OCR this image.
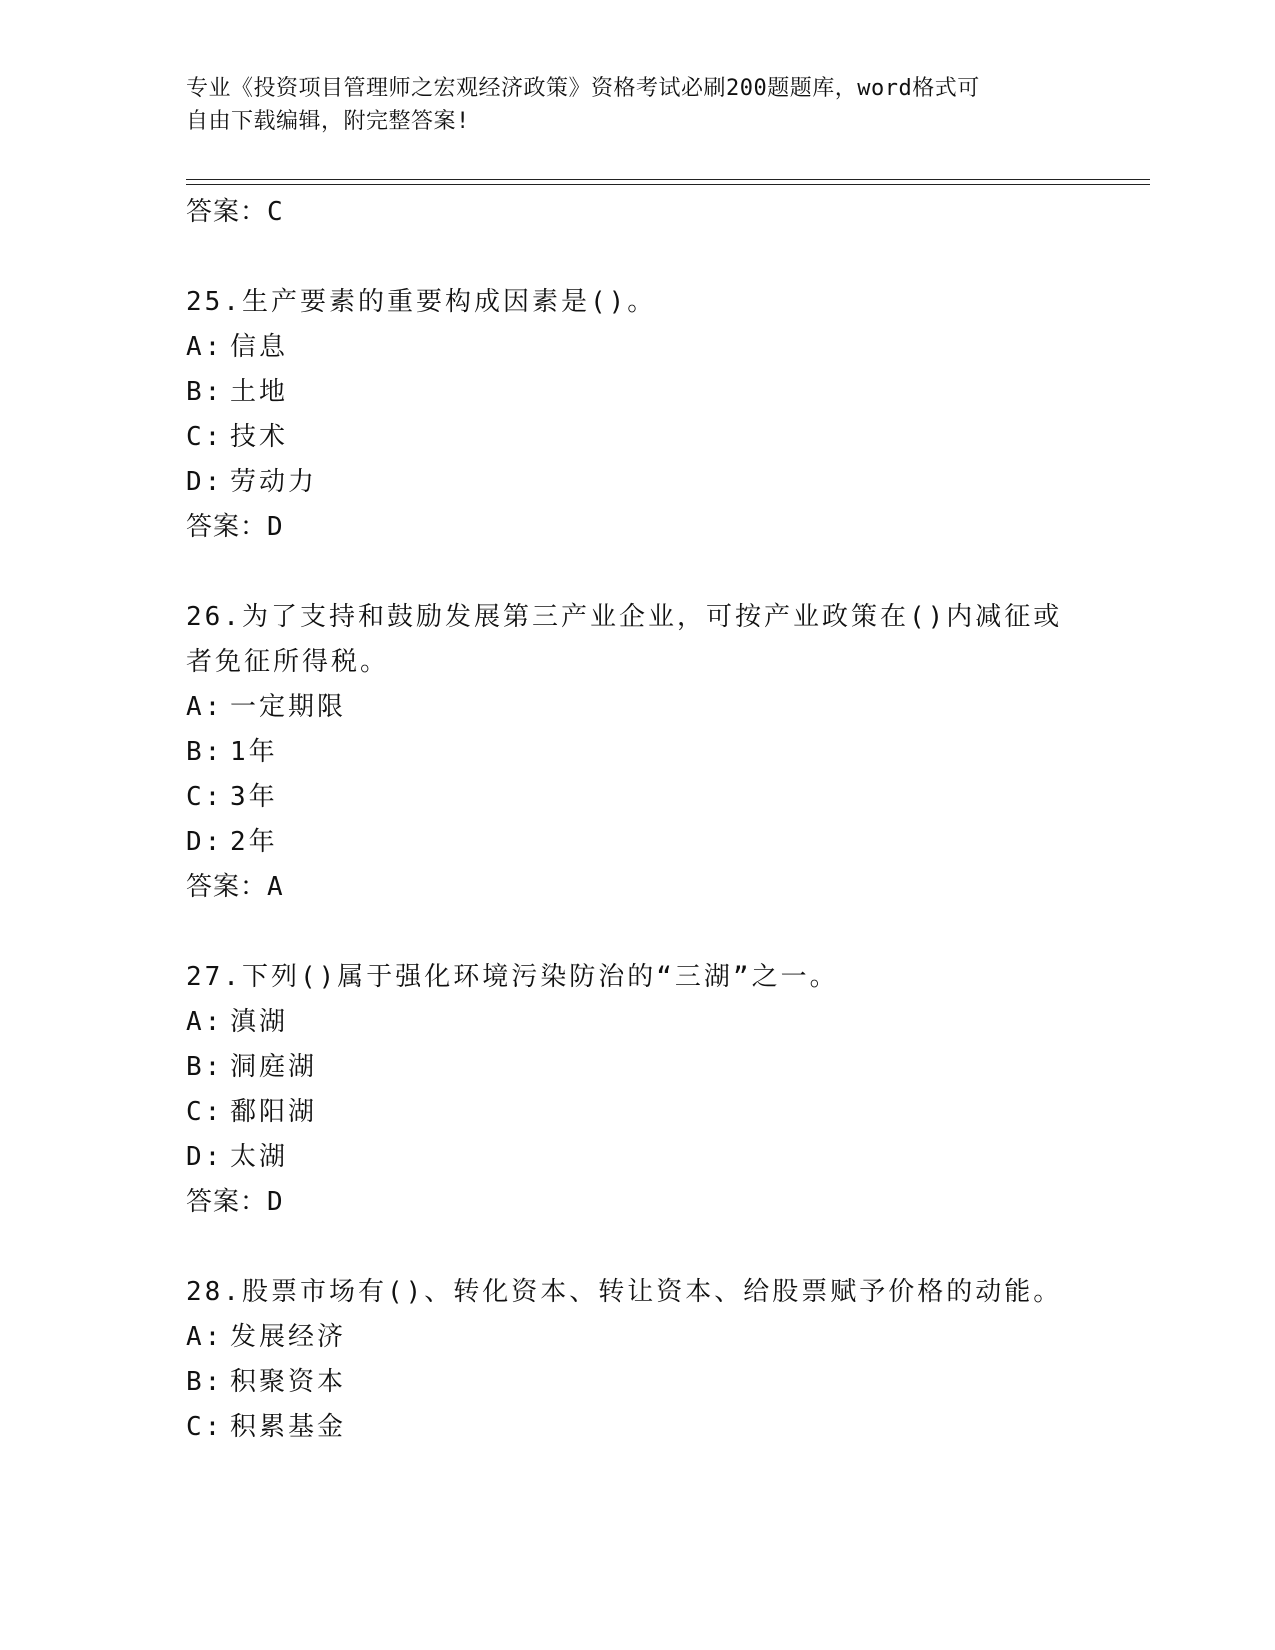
专业《投资项目管理师之宏观经济政策》资格考试必刷200题题库，word格式可
自由下载编辑，附完整答案!
答案：C
25.生产要素的重要构成因素是()。
A: 信息
B: 土地
C: 技术
D: 劳动力
答案：D
26.为了支持和鼓励发展第三产业企业，可按产业政策在()内减征或者免征所得税。
A: 一定期限
B: 1年
C: 3年
D: 2年
答案：A
27.下列()属于强化环境污染防治的“三湖”之一。
A: 滇湖
B: 洞庭湖
C: 鄱阳湖
D: 太湖
答案：D
28.股票市场有()、转化资本、转让资本、给股票赋予价格的动能。
A: 发展经济
B: 积聚资本
C: 积累基金
